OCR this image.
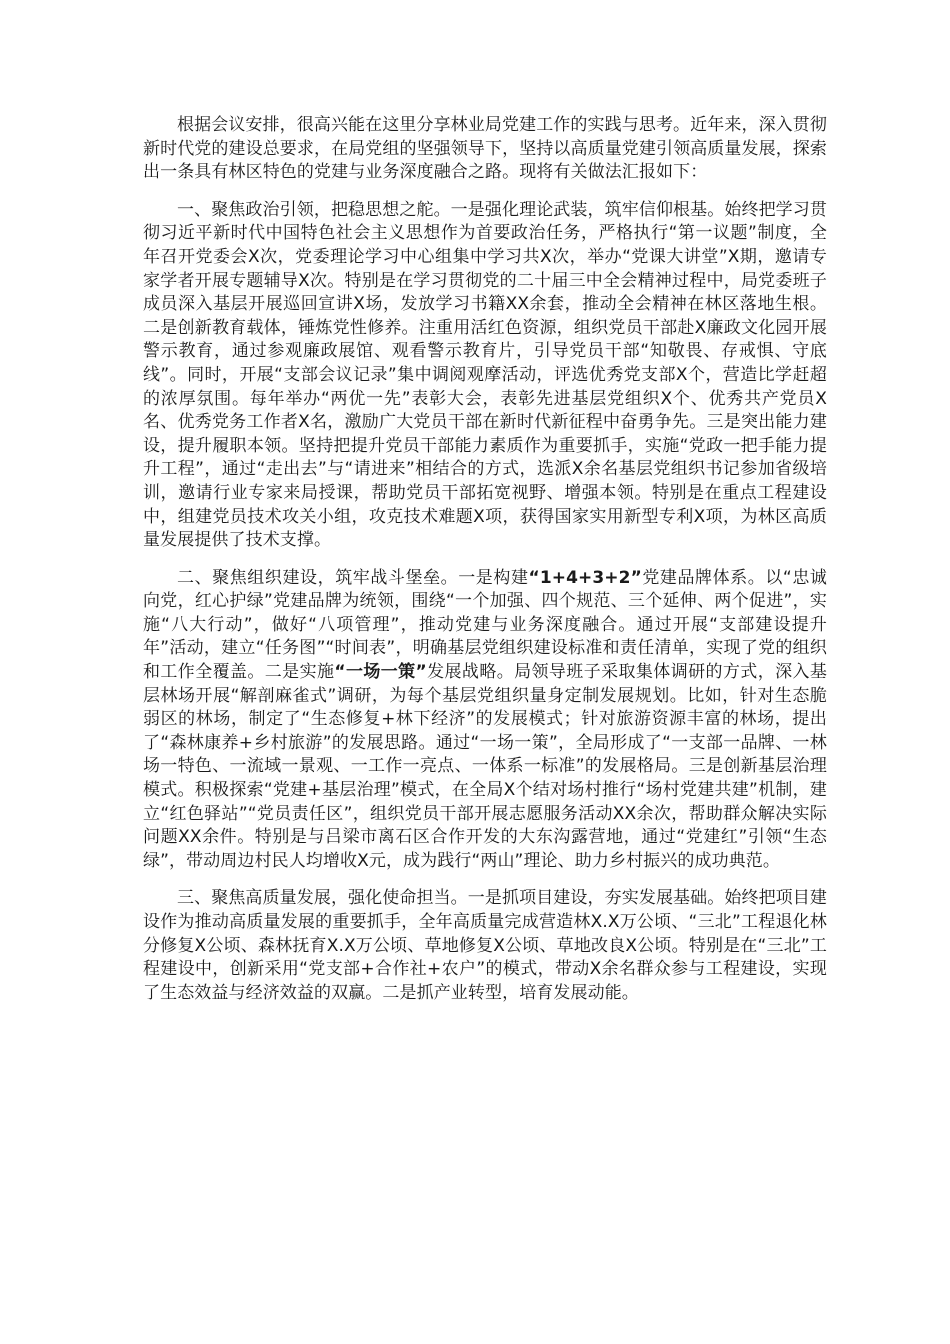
根据会议安排，很高兴能在这里分享林业局党建工作的实践与思考。近年来，深入贯彻新时代党的建设总要求，在局党组的坚强领导下，坚持以高质量党建引领高质量发展，探索出一条具有林区特色的党建与业务深度融合之路。现将有关做法汇报如下：

一、聚焦政治引领，把稳思想之舵。一是强化理论武装，筑牢信仰根基。始终把学习贯彻习近平新时代中国特色社会主义思想作为首要政治任务，严格执行“第一议题”制度，全年召开党委会X次，党委理论学习中心组集中学习共X次，举办“党课大讲堂”X期，邀请专家学者开展专题辅导X次。特别是在学习贯彻党的二十届三中全会精神过程中，局党委班子成员深入基层开展巡回宣讲X场，发放学习书籍XX余套，推动全会精神在林区落地生根。二是创新教育载体，锤炼党性修养。注重用活红色资源，组织党员干部赴X廉政文化园开展警示教育，通过参观廉政展馆、观看警示教育片，引导党员干部“知敬畏、存戒惧、守底线”。同时，开展“支部会议记录”集中调阅观摩活动，评选优秀党支部X个，营造比学赶超的浓厚氛围。每年举办“两优一先”表彰大会，表彰先进基层党组织X个、优秀共产党员X名、优秀党务工作者X名，激励广大党员干部在新时代新征程中奋勇争先。三是突出能力建设，提升履职本领。坚持把提升党员干部能力素质作为重要抓手，实施“党政一把手能力提升工程”，通过“走出去”与“请进来”相结合的方式，选派X余名基层党组织书记参加省级培训，邀请行业专家来局授课，帮助党员干部拓宽视野、增强本领。特别是在重点工程建设中，组建党员技术攻关小组，攻克技术难题X项，获得国家实用新型专利X项，为林区高质量发展提供了技术支撑。

二、聚焦组织建设，筑牢战斗堡垒。一是构建“1+4+3+2”党建品牌体系。以“忠诚向党，红心护绿”党建品牌为统领，围绕“一个加强、四个规范、三个延伸、两个促进”，实施“八大行动”，做好“八项管理”，推动党建与业务深度融合。通过开展“支部建设提升年”活动，建立“任务图”“时间表”，明确基层党组织建设标准和责任清单，实现了党的组织和工作全覆盖。二是实施“一场一策”发展战略。局领导班子采取集体调研的方式，深入基层林场开展“解剖麻雀式”调研，为每个基层党组织量身定制发展规划。比如，针对生态脆弱区的林场，制定了“生态修复+林下经济”的发展模式；针对旅游资源丰富的林场，提出了“森林康养+乡村旅游”的发展思路。通过“一场一策”，全局形成了“一支部一品牌、一林场一特色、一流域一景观、一工作一亮点、一体系一标准”的发展格局。三是创新基层治理模式。积极探索“党建+基层治理”模式，在全局X个结对场村推行“场村党建共建”机制，建立“红色驿站”“党员责任区”，组织党员干部开展志愿服务活动XX余次，帮助群众解决实际问题XX余件。特别是与吕梁市离石区合作开发的大东沟露营地，通过“党建红”引领“生态绿”，带动周边村民人均增收X元，成为践行“两山”理论、助力乡村振兴的成功典范。

三、聚焦高质量发展，强化使命担当。一是抓项目建设，夯实发展基础。始终把项目建设作为推动高质量发展的重要抓手，全年高质量完成营造林X.X万公顷、“三北”工程退化林分修复X公顷、森林抚育X.X万公顷、草地修复X公顷、草地改良X公顷。特别是在“三北”工程建设中，创新采用“党支部+合作社+农户”的模式，带动X余名群众参与工程建设，实现了生态效益与经济效益的双赢。二是抓产业转型，培育发展动能。
